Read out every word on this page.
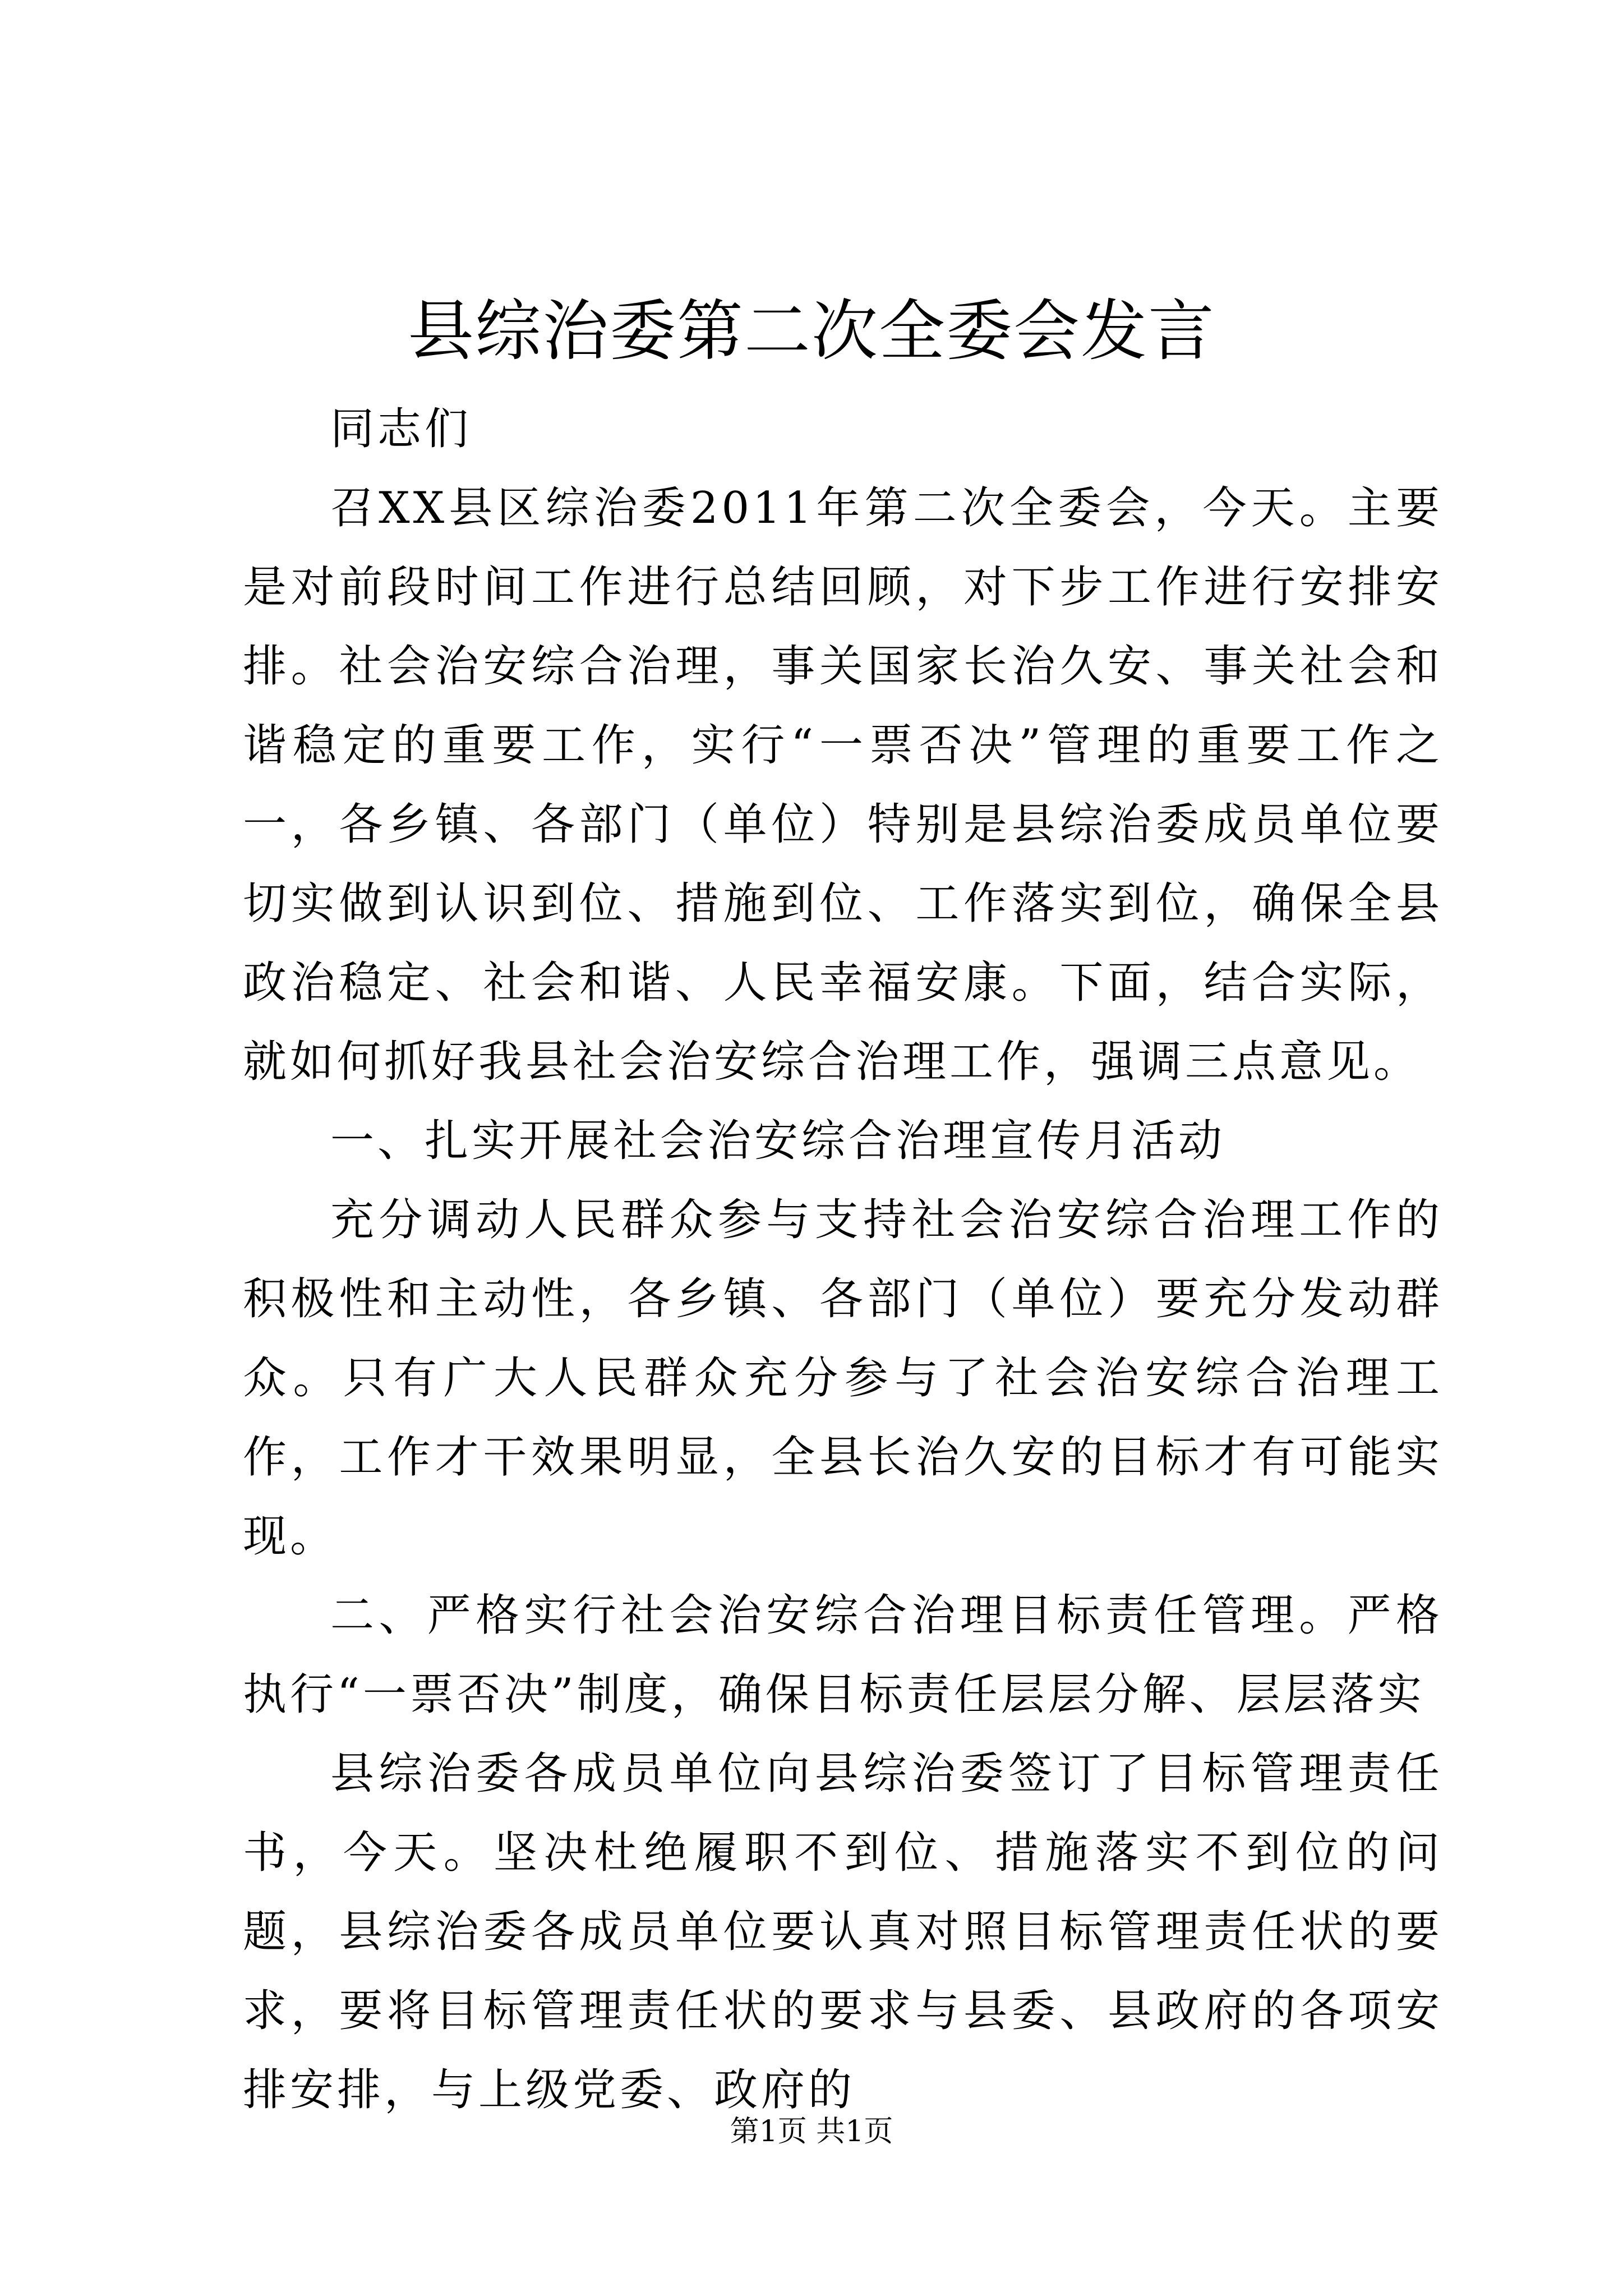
县综治委第二次全委会发言

同志们

召XX县区综治委2011年第二次全委会，今天。主要是对前段时间工作进行总结回顾，对下步工作进行安排安排。社会治安综合治理，事关国家长治久安、事关社会和谐稳定的重要工作，实行“一票否决”管理的重要工作之一，各乡镇、各部门（单位）特别是县综治委成员单位要切实做到认识到位、措施到位、工作落实到位，确保全县政治稳定、社会和谐、人民幸福安康。下面，结合实际，就如何抓好我县社会治安综合治理工作，强调三点意见。

一、扎实开展社会治安综合治理宣传月活动

充分调动人民群众参与支持社会治安综合治理工作的积极性和主动性，各乡镇、各部门（单位）要充分发动群众。只有广大人民群众充分参与了社会治安综合治理工作，工作才干效果明显，全县长治久安的目标才有可能实现。

二、严格实行社会治安综合治理目标责任管理。严格执行“一票否决”制度，确保目标责任层层分解、层层落实

县综治委各成员单位向县综治委签订了目标管理责任书，今天。坚决杜绝履职不到位、措施落实不到位的问题，县综治委各成员单位要认真对照目标管理责任状的要求，要将目标管理责任状的要求与县委、县政府的各项安排安排，与上级党委、政府的

第1页 共1页
